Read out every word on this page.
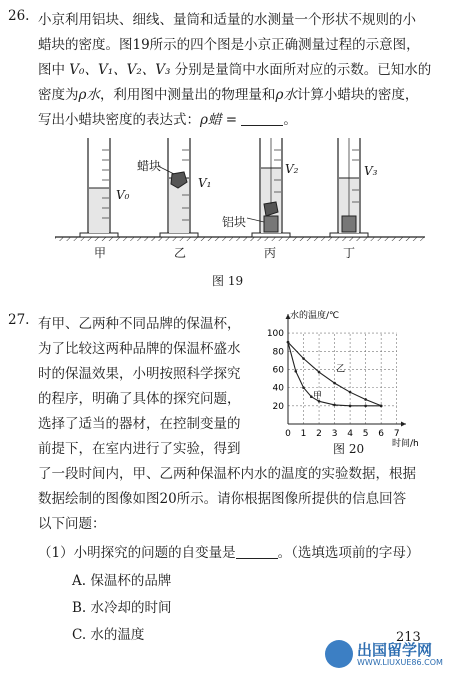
26. 小京利用铝块、细线、量筒和适量的水测量一个形状不规则的小
蜡块的密度。图19所示的四个图是小京正确测量过程的示意图，
图中 V₀、V₁、V₂、V₃ 分别是量筒中水面所对应的示数。已知水的
密度为ρ水，利用图中测量出的物理量和ρ水计算小蜡块的密度，
写出小蜡块密度的表达式：ρ蜡 =	。
V₀
V₁
V₂	V₃
蜡块
铝块
甲	乙	丙	丁
图 19
27. 有甲、乙两种不同品牌的保温杯，
为了比较这两种品牌的保温杯盛水
时的保温效果，小明按照科学探究
的程序，明确了具体的探究问题，
选择了适当的器材，在控制变量的
前提下，在室内进行了实验，得到
了一段时间内，甲、乙两种保温杯内水的温度的实验数据，根据
数据绘制的图像如图20所示。请你根据图像所提供的信息回答
以下问题：
（1）小明探究的问题的自变量是	。（选填选项前的字母）
A. 保温杯的品牌
B. 水冷却的时间
C. 水的温度
甲
乙
0 1 2 3 4 5 6 7
20
40
60
80
100
水的温度/℃
时间/h
图 20
213
出国留学网
WWW.LIUXUE86.COM
